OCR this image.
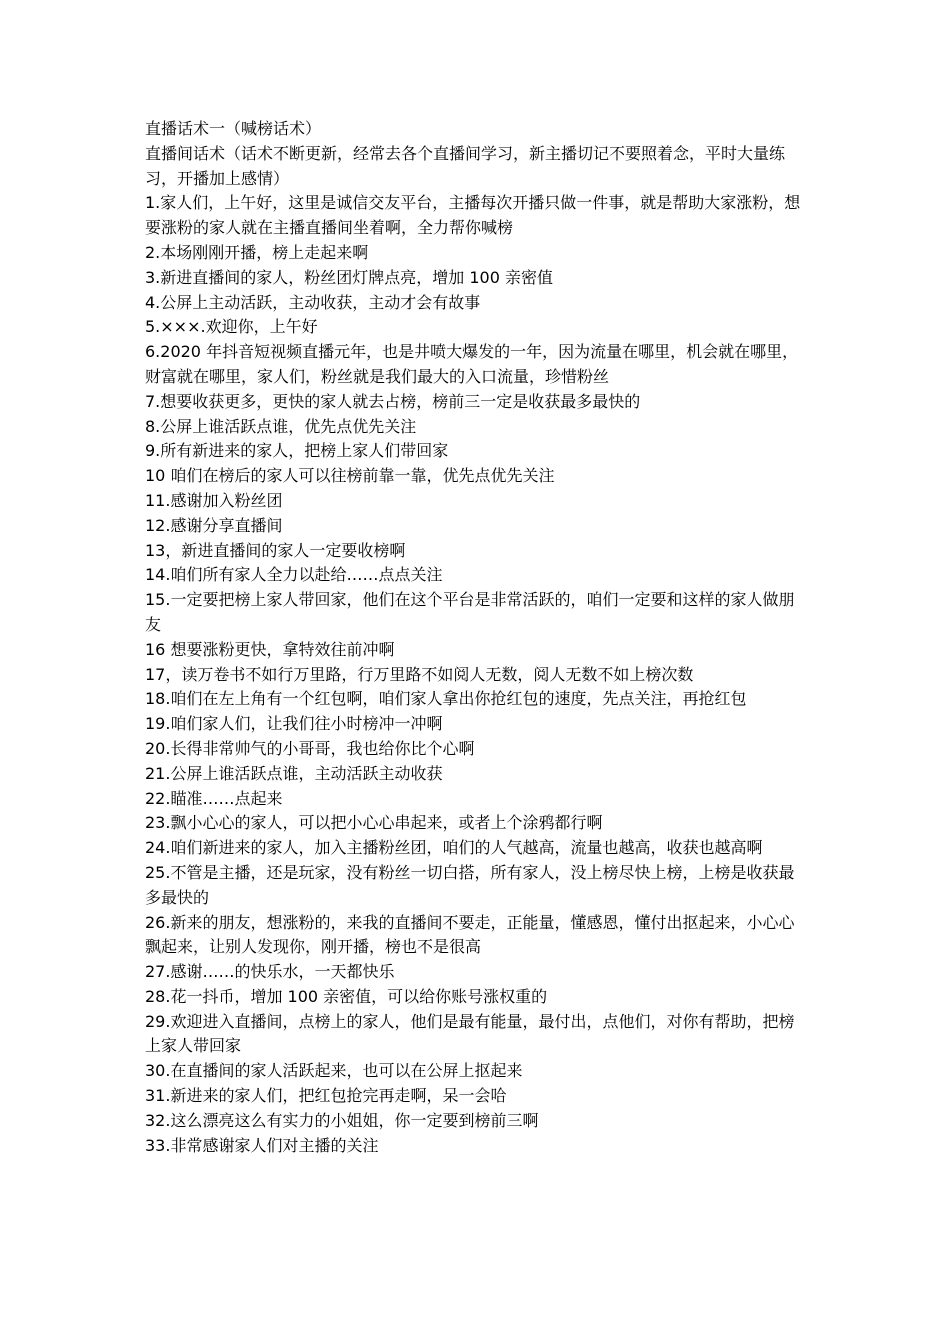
直播话术一（喊榜话术）

直播间话术（话术不断更新，经常去各个直播间学习，新主播切记不要照着念，平时大量练习，开播加上感情）

1.家人们，上午好，这里是诚信交友平台，主播每次开播只做一件事，就是帮助大家涨粉，想要涨粉的家人就在主播直播间坐着啊，全力帮你喊榜

2.本场刚刚开播，榜上走起来啊

3.新进直播间的家人，粉丝团灯牌点亮，增加 100 亲密值

4.公屏上主动活跃，主动收获，主动才会有故事

5.×××.欢迎你，上午好

6.2020 年抖音短视频直播元年，也是井喷大爆发的一年，因为流量在哪里，机会就在哪里，财富就在哪里，家人们，粉丝就是我们最大的入口流量，珍惜粉丝

7.想要收获更多，更快的家人就去占榜，榜前三一定是收获最多最快的

8.公屏上谁活跃点谁，优先点优先关注

9.所有新进来的家人，把榜上家人们带回家

10 咱们在榜后的家人可以往榜前靠一靠，优先点优先关注

11.感谢加入粉丝团

12.感谢分享直播间

13，新进直播间的家人一定要收榜啊

14.咱们所有家人全力以赴给……点点关注

15.一定要把榜上家人带回家，他们在这个平台是非常活跃的，咱们一定要和这样的家人做朋友

16 想要涨粉更快，拿特效往前冲啊

17，读万卷书不如行万里路，行万里路不如阅人无数，阅人无数不如上榜次数

18.咱们在左上角有一个红包啊，咱们家人拿出你抢红包的速度，先点关注，再抢红包

19.咱们家人们，让我们往小时榜冲一冲啊

20.长得非常帅气的小哥哥，我也给你比个心啊

21.公屏上谁活跃点谁，主动活跃主动收获

22.瞄准……点起来

23.飘小心心的家人，可以把小心心串起来，或者上个涂鸦都行啊

24.咱们新进来的家人，加入主播粉丝团，咱们的人气越高，流量也越高，收获也越高啊

25.不管是主播，还是玩家，没有粉丝一切白搭，所有家人，没上榜尽快上榜，上榜是收获最多最快的

26.新来的朋友，想涨粉的，来我的直播间不要走，正能量，懂感恩，懂付出抠起来，小心心飘起来，让别人发现你，刚开播，榜也不是很高

27.感谢……的快乐水，一天都快乐

28.花一抖币，增加 100 亲密值，可以给你账号涨权重的

29.欢迎进入直播间，点榜上的家人，他们是最有能量，最付出，点他们，对你有帮助，把榜上家人带回家

30.在直播间的家人活跃起来，也可以在公屏上抠起来

31.新进来的家人们，把红包抢完再走啊，呆一会哈

32.这么漂亮这么有实力的小姐姐，你一定要到榜前三啊

33.非常感谢家人们对主播的关注
